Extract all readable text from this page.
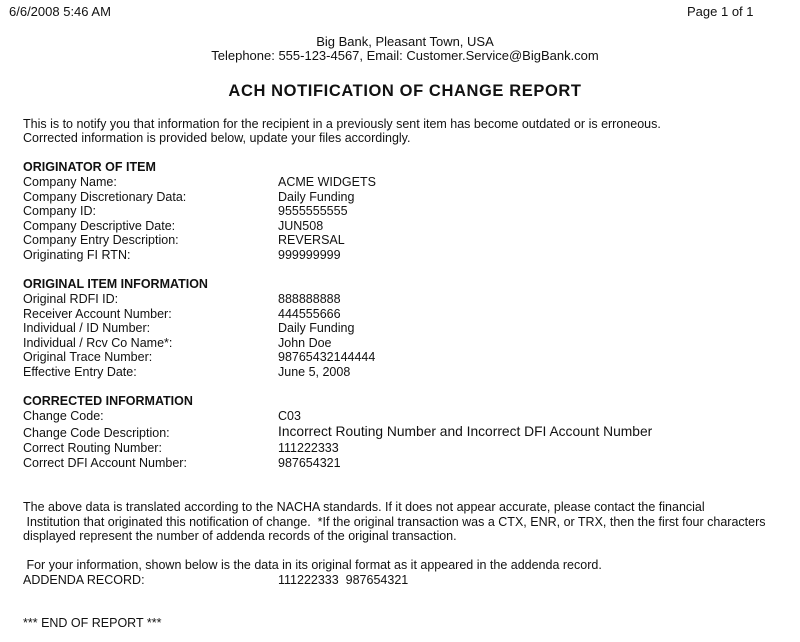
6/6/2008 5:46 AM	Page 1 of 1
Big Bank, Pleasant Town, USA
Telephone: 555-123-4567, Email: Customer.Service@BigBank.com
ACH NOTIFICATION OF CHANGE REPORT
This is to notify you that information for the recipient in a previously sent item has become outdated or is erroneous.
Corrected information is provided below, update your files accordingly.
ORIGINATOR OF ITEM
Company Name:	ACME WIDGETS
Company Discretionary Data:	Daily Funding
Company ID:	9555555555
Company Descriptive Date:	JUN508
Company Entry Description:	REVERSAL
Originating FI RTN:	999999999
ORIGINAL ITEM INFORMATION
Original RDFI ID:	888888888
Receiver Account Number:	444555666
Individual / ID Number:	Daily Funding
Individual / Rcv Co Name*:	John Doe
Original Trace Number:	98765432144444
Effective Entry Date:	June 5, 2008
CORRECTED INFORMATION
Change Code:	C03
Change Code Description:	Incorrect Routing Number and Incorrect DFI Account Number
Correct Routing Number:	111222333
Correct DFI Account Number:	987654321
The above data is translated according to the NACHA standards. If it does not appear accurate, please contact the financial
Institution that originated this notification of change.  *If the original transaction was a CTX, ENR, or TRX, then the first four characters
displayed represent the number of addenda records of the original transaction.
For your information, shown below is the data in its original format as it appeared in the addenda record.
ADDENDA RECORD:	111222333  987654321
*** END OF REPORT ***
